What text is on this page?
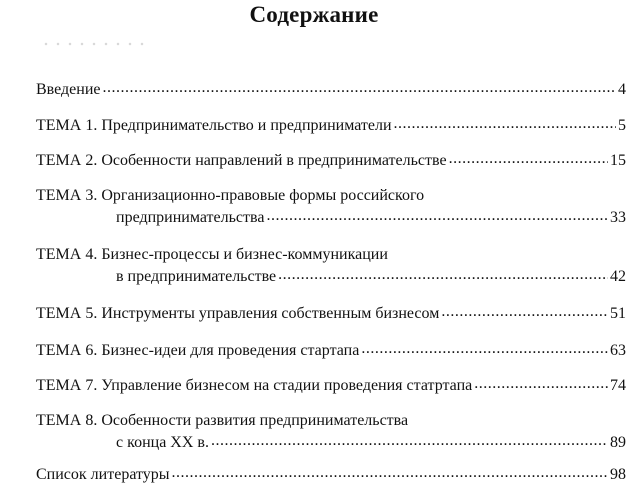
Содержание
Введение .....	4
ТЕМА 1. Предпринимательство и предприниматели .....	5
ТЕМА 2. Особенности направлений в предпринимательстве .....	15
ТЕМА 3. Организационно-правовые формы российского
предпринимательства .....	33
ТЕМА 4. Бизнес-процессы и бизнес-коммуникации
в предпринимательстве .....	42
ТЕМА 5. Инструменты управления собственным бизнесом .....	51
ТЕМА 6. Бизнес-идеи для проведения стартапа .....	63
ТЕМА 7. Управление бизнесом на стадии проведения статртапа .....	74
ТЕМА 8. Особенности развития предпринимательства
с конца XX в. .....	89
Список литературы .....	98
